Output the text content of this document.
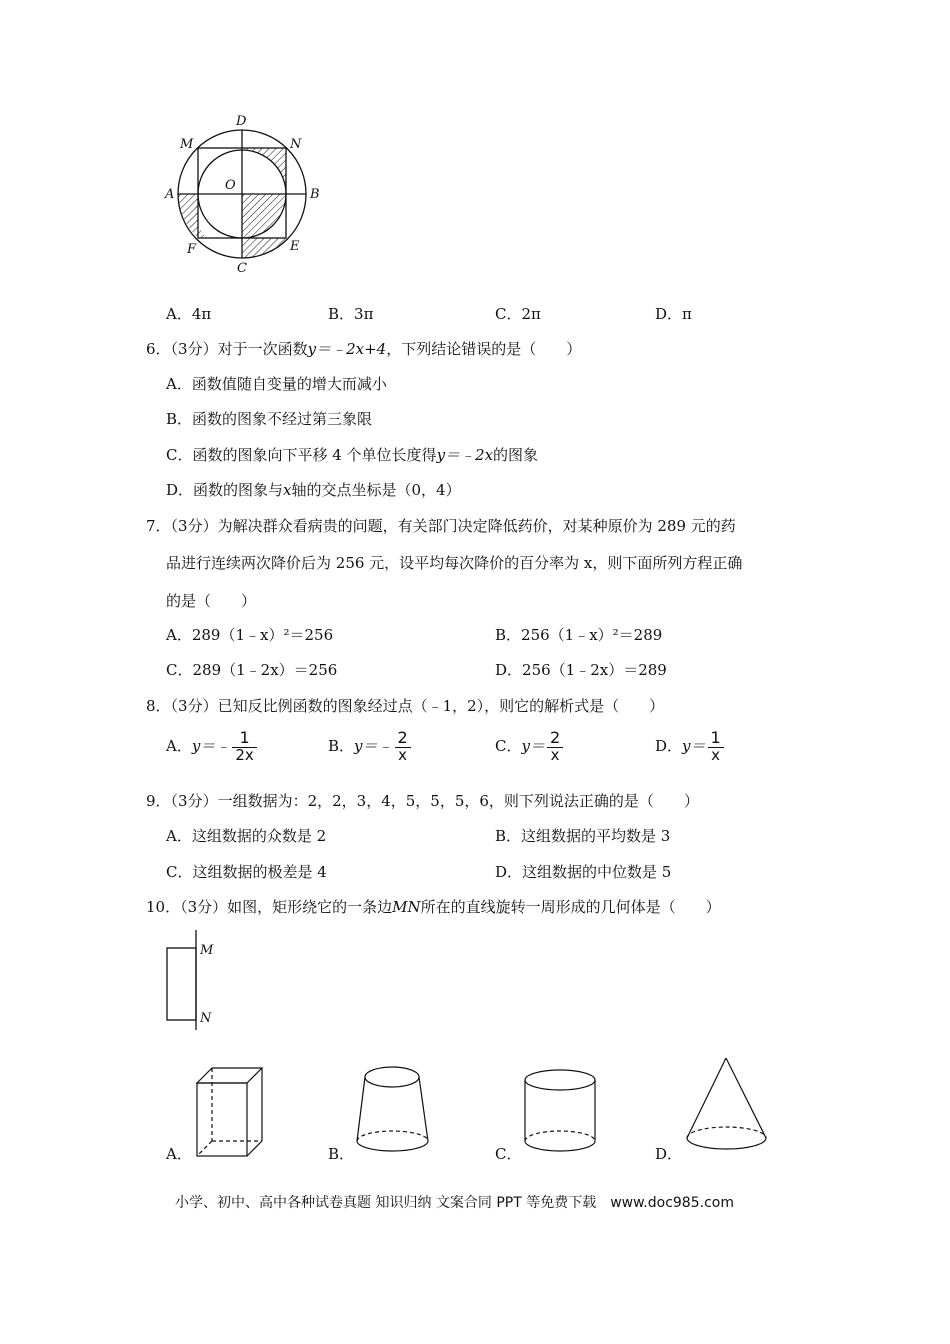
D
M	N
A
O
B
F
C
E
A．4π	B．3π	C．2π	D．π
6．（3分）对于一次函数y＝﹣2x+4，下列结论错误的是（　　）
A．函数值随自变量的增大而减小
B．函数的图象不经过第三象限
C．函数的图象向下平移 4 个单位长度得y＝﹣2x的图象
D．函数的图象与x轴的交点坐标是（0，4）
7．（3分）为解决群众看病贵的问题，有关部门决定降低药价，对某种原价为 289 元的药
品进行连续两次降价后为 256 元，设平均每次降价的百分率为 x，则下面所列方程正确
的是（　　）
A．289（1﹣x）²＝256	B．256（1﹣x）²＝289
C．289（1﹣2x）＝256	D．256（1﹣2x）＝289
8．（3分）已知反比例函数的图象经过点（﹣1，2），则它的解析式是（　　）
A．y＝﹣ $\frac{1}{2x}$	B．y＝﹣ $\frac{2}{x}$	C．$y= \frac{2}{x}$	D．$y= \frac{1}{x}$
9．（3分）一组数据为：2，2，3，4，5，5，5，6，则下列说法正确的是（　　）
A．这组数据的众数是 2	B．这组数据的平均数是 3
C．这组数据的极差是 4	D．这组数据的中位数是 5
10．（3分）如图，矩形绕它的一条边MN所在的直线旋转一周形成的几何体是（　　）
M
N
A．	B．	C．	D．
小学、初中、高中各种试卷真题 知识归纳 文案合同 PPT 等免费下载　www.doc985.com
